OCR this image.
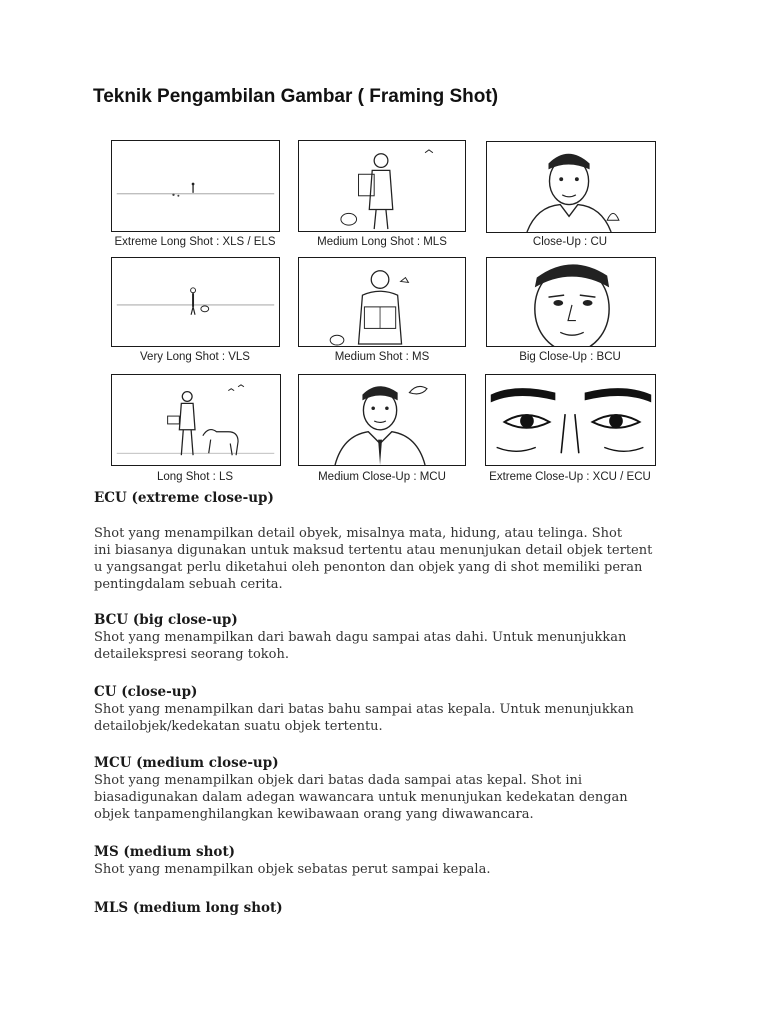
Teknik Pengambilan Gambar ( Framing Shot)
Extreme Long Shot : XLS / ELS	Medium Long Shot : MLS	Close-Up : CU
Very Long Shot : VLS	Medium Shot : MS	Big Close-Up : BCU
Long Shot : LS	Medium Close-Up : MCU	Extreme Close-Up : XCU / ECU

ECU (extreme close-up)

Shot yang menampilkan detail obyek, misalnya mata, hidung, atau telinga. Shot
ini biasanya digunakan untuk maksud tertentu atau menunjukan detail objek tertent
u yangsangat perlu diketahui oleh penonton dan objek yang di shot memiliki peran
pentingdalam sebuah cerita.

BCU (big close-up)

Shot yang menampilkan dari bawah dagu sampai atas dahi. Untuk menunjukkan
detailekspresi seorang tokoh.

CU (close-up)

Shot yang menampilkan dari batas bahu sampai atas kepala. Untuk menunjukkan
detailobjek/kedekatan suatu objek tertentu.

MCU (medium close-up)

Shot yang menampilkan objek dari batas dada sampai atas kepal. Shot ini
biasadigunakan dalam adegan wawancara untuk menunjukan kedekatan dengan
objek tanpamenghilangkan kewibawaan orang yang diwawancara.

MS (medium shot)

Shot yang menampilkan objek sebatas perut sampai kepala.

MLS (medium long shot)
